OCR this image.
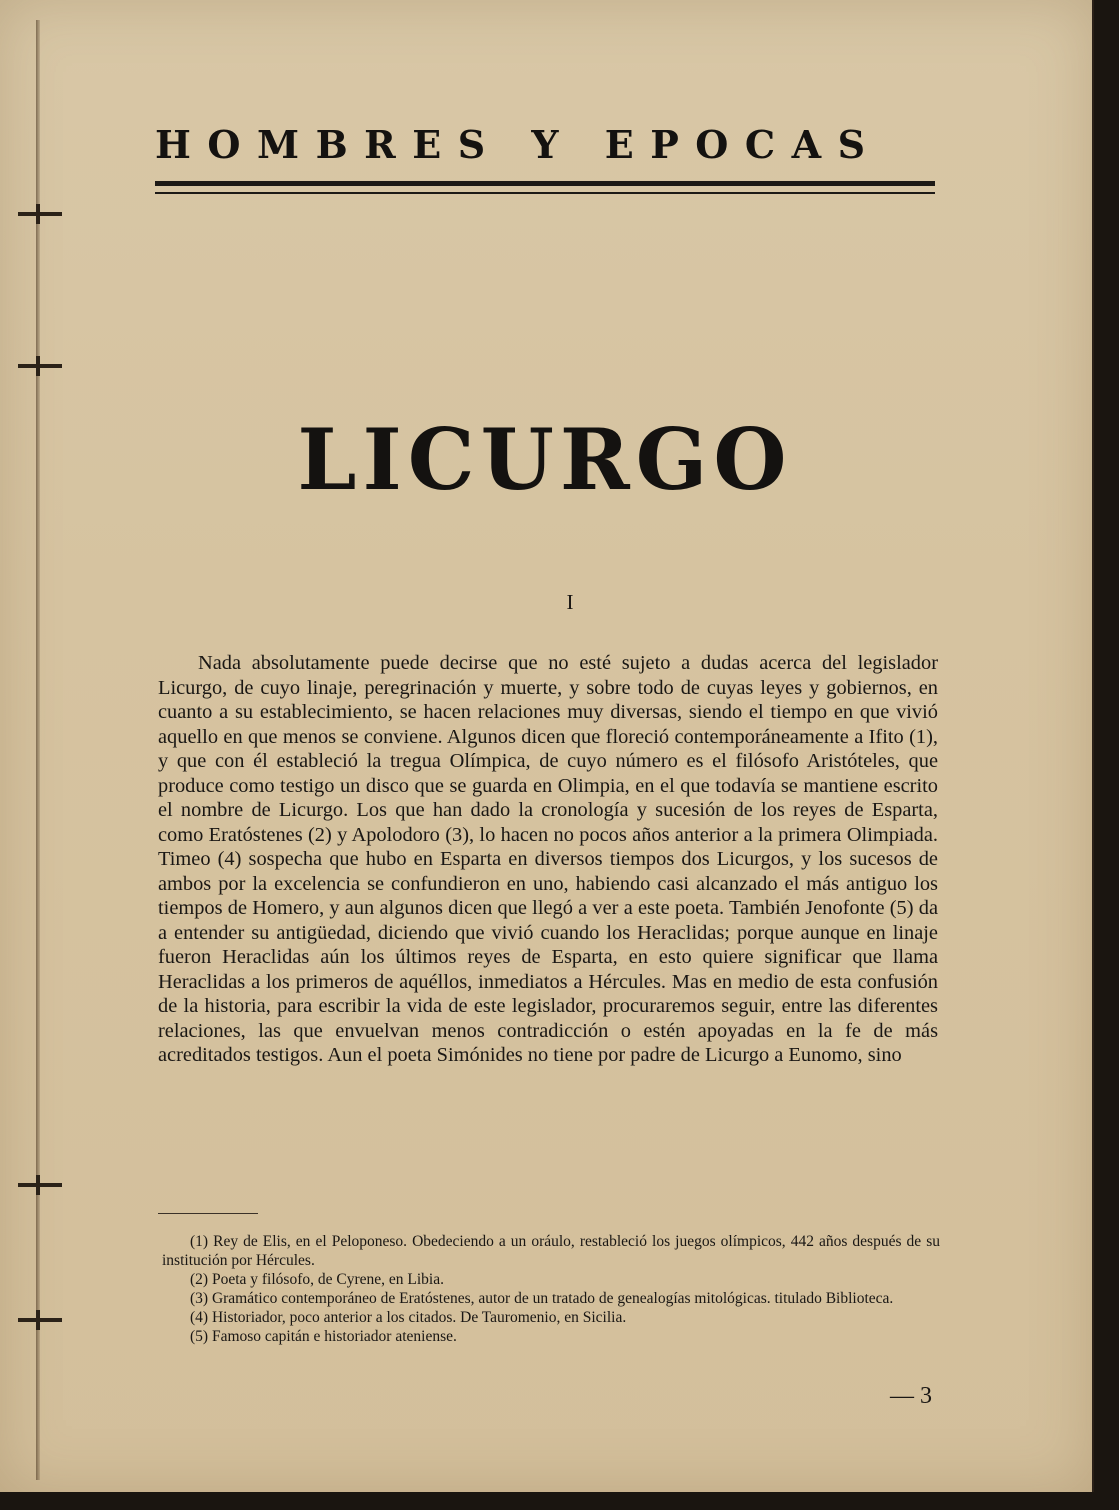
HOMBRES Y EPOCAS
LICURGO
I

Nada absolutamente puede decirse que no esté sujeto a dudas acerca del legislador Licurgo, de cuyo linaje, peregrinación y muerte, y sobre todo de cuyas leyes y gobiernos, en cuanto a su establecimiento, se hacen relaciones muy diversas, siendo el tiempo en que vivió aquello en que menos se conviene. Algunos dicen que floreció contemporáneamente a Ifito (1), y que con él estableció la tregua Olímpica, de cuyo número es el filósofo Aristóteles, que produce como testigo un disco que se guarda en Olimpia, en el que todavía se mantiene escrito el nombre de Licurgo. Los que han dado la cronología y sucesión de los reyes de Esparta, como Eratóstenes (2) y Apolodoro (3), lo hacen no pocos años anterior a la primera Olimpiada. Timeo (4) sospecha que hubo en Esparta en diversos tiempos dos Licurgos, y los sucesos de ambos por la excelencia se confundieron en uno, habiendo casi alcanzado el más antiguo los tiempos de Homero, y aun algunos dicen que llegó a ver a este poeta. También Jenofonte (5) da a entender su antigüedad, diciendo que vivió cuando los Heraclidas; porque aunque en linaje fueron Heraclidas aún los últimos reyes de Esparta, en esto quiere significar que llama Heraclidas a los primeros de aquéllos, inmediatos a Hércules. Mas en medio de esta confusión de la historia, para escribir la vida de este legislador, procuraremos seguir, entre las diferentes relaciones, las que envuelvan menos contradicción o estén apoyadas en la fe de más acreditados testigos. Aun el poeta Simónides no tiene por padre de Licurgo a Eunomo, sino

(1) Rey de Elis, en el Peloponeso. Obedeciendo a un oráulo, restableció los juegos olímpicos, 442 años después de su institución por Hércules.

(2) Poeta y filósofo, de Cyrene, en Libia.

(3) Gramático contemporáneo de Eratóstenes, autor de un tratado de genealogías mitológicas. titulado Biblioteca.

(4) Historiador, poco anterior a los citados. De Tauromenio, en Sicilia.

(5) Famoso capitán e historiador ateniense.

— 3
